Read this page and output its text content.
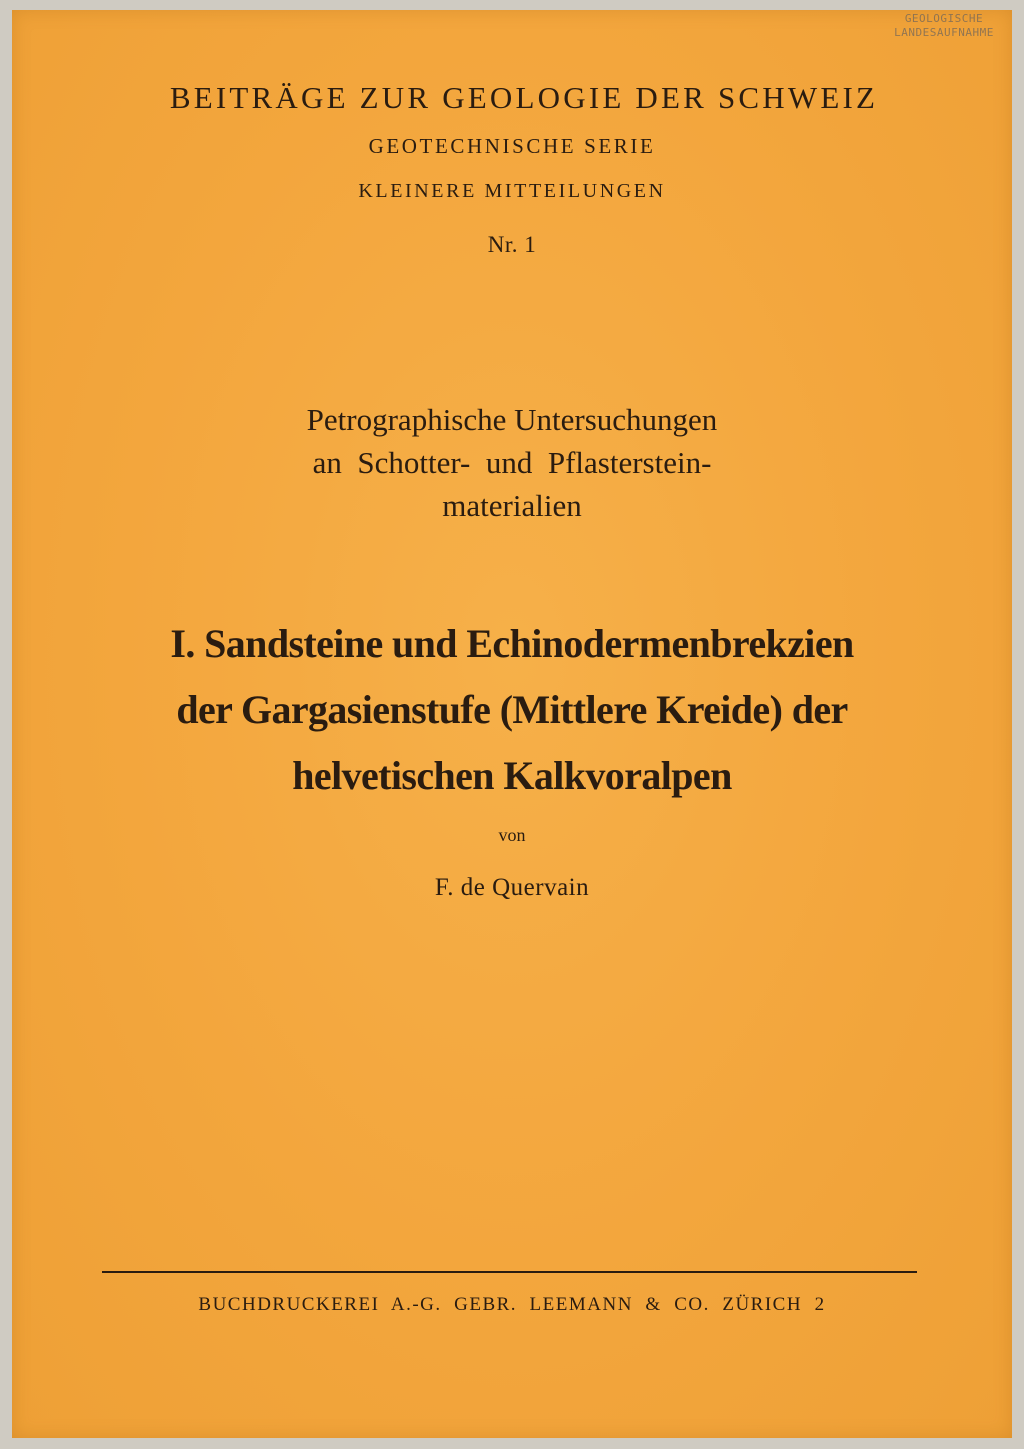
GEOLOGISCHE
LANDESAUFNAHME
BEITRÄGE ZUR GEOLOGIE DER SCHWEIZ
GEOTECHNISCHE SERIE
KLEINERE MITTEILUNGEN
Nr. 1
Petrographische Untersuchungen
an  Schotter-  und  Pflasterstein-
materialien
I. Sandsteine und Echinodermenbrekzien
der Gargasienstufe (Mittlere Kreide) der
helvetischen Kalkvoralpen
von
F. de Quervain
BUCHDRUCKEREI  A.-G.  GEBR.  LEEMANN  &  CO.  ZÜRICH  2
